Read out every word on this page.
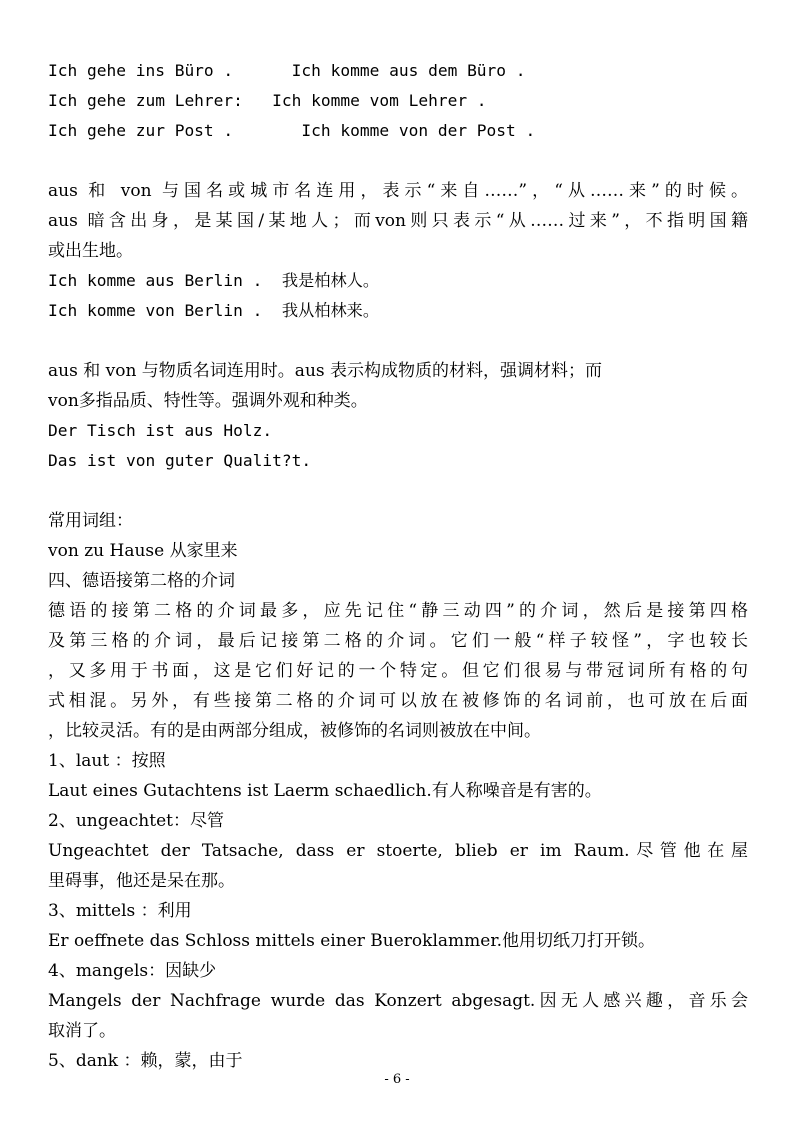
Ich gehe ins Büro .      Ich komme aus dem Büro .
Ich gehe zum Lehrer:   Ich komme vom Lehrer .
Ich gehe zur Post .       Ich komme von der Post .
aus 和 von 与国名或城市名连用，表示“来自……”，“从……来”的时候。
aus 暗含出身，是某国/某地人；而von则只表示“从……过来”，不指明国籍
或出生地。
Ich komme aus Berlin .  我是柏林人。
Ich komme von Berlin .  我从柏林来。
aus 和 von 与物质名词连用时。aus 表示构成物质的材料，强调材料；而
von多指品质、特性等。强调外观和种类。
Der Tisch ist aus Holz.
Das ist von guter Qualit?t.
常用词组：
von zu Hause 从家里来
四、德语接第二格的介词
德语的接第二格的介词最多，应先记住“静三动四”的介词，然后是接第四格
及第三格的介词，最后记接第二格的介词。它们一般“样子较怪”，字也较长
，又多用于书面，这是它们好记的一个特定。但它们很易与带冠词所有格的句
式相混。另外，有些接第二格的介词可以放在被修饰的名词前，也可放在后面
，比较灵活。有的是由两部分组成，被修饰的名词则被放在中间。
1、laut ：按照
Laut eines Gutachtens ist Laerm schaedlich.有人称噪音是有害的。
2、ungeachtet：尽管
Ungeachtet der Tatsache, dass er stoerte, blieb er im Raum.尽管他在屋
里碍事，他还是呆在那。
3、mittels ：利用
Er oeffnete das Schloss mittels einer Bueroklammer.他用切纸刀打开锁。
4、mangels：因缺少
Mangels der Nachfrage wurde das Konzert abgesagt.因无人感兴趣，音乐会
取消了。
5、dank ：赖，蒙，由于
- 6 -
